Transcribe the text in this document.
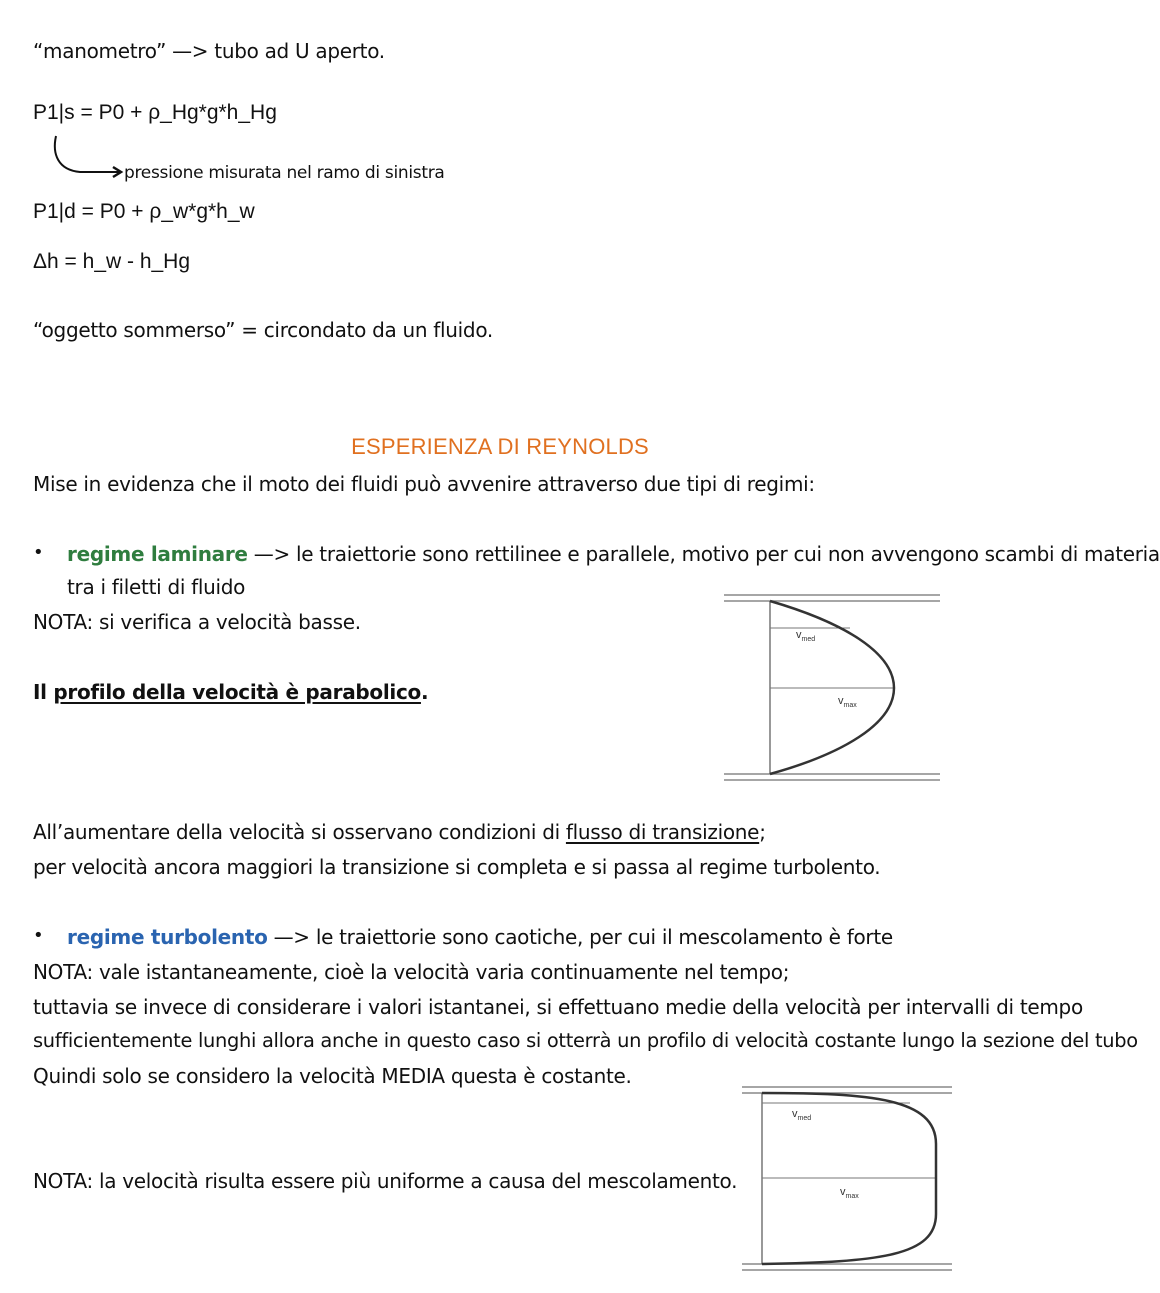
“manometro” —> tubo ad U aperto.
P1|s = P0 + ρ_Hg*g*h_Hg
pressione misurata nel ramo di sinistra
P1|d = P0 + ρ_w*g*h_w
Δh = h_w - h_Hg
“oggetto sommerso” = circondato da un fluido.
ESPERIENZA DI REYNOLDS
Mise in evidenza che il moto dei fluidi può avvenire attraverso due tipi di regimi:
• regime laminare —> le traiettorie sono rettilinee e parallele, motivo per cui non avvengono scambi di materia
tra i filetti di fluido
NOTA: si verifica a velocità basse.
Il profilo della velocità è parabolico.
$v_{med}$
$v_{max}$
All’aumentare della velocità si osservano condizioni di flusso di transizione;
per velocità ancora maggiori la transizione si completa e si passa al regime turbolento.
• regime turbolento —> le traiettorie sono caotiche, per cui il mescolamento è forte
NOTA: vale istantaneamente, cioè la velocità varia continuamente nel tempo;
tuttavia se invece di considerare i valori istantanei, si effettuano medie della velocità per intervalli di tempo
sufficientemente lunghi allora anche in questo caso si otterrà un profilo di velocità costante lungo la sezione del tubo
Quindi solo se considero la velocità MEDIA questa è costante.
$v_{med}$
$v_{max}$
NOTA: la velocità risulta essere più uniforme a causa del mescolamento.
